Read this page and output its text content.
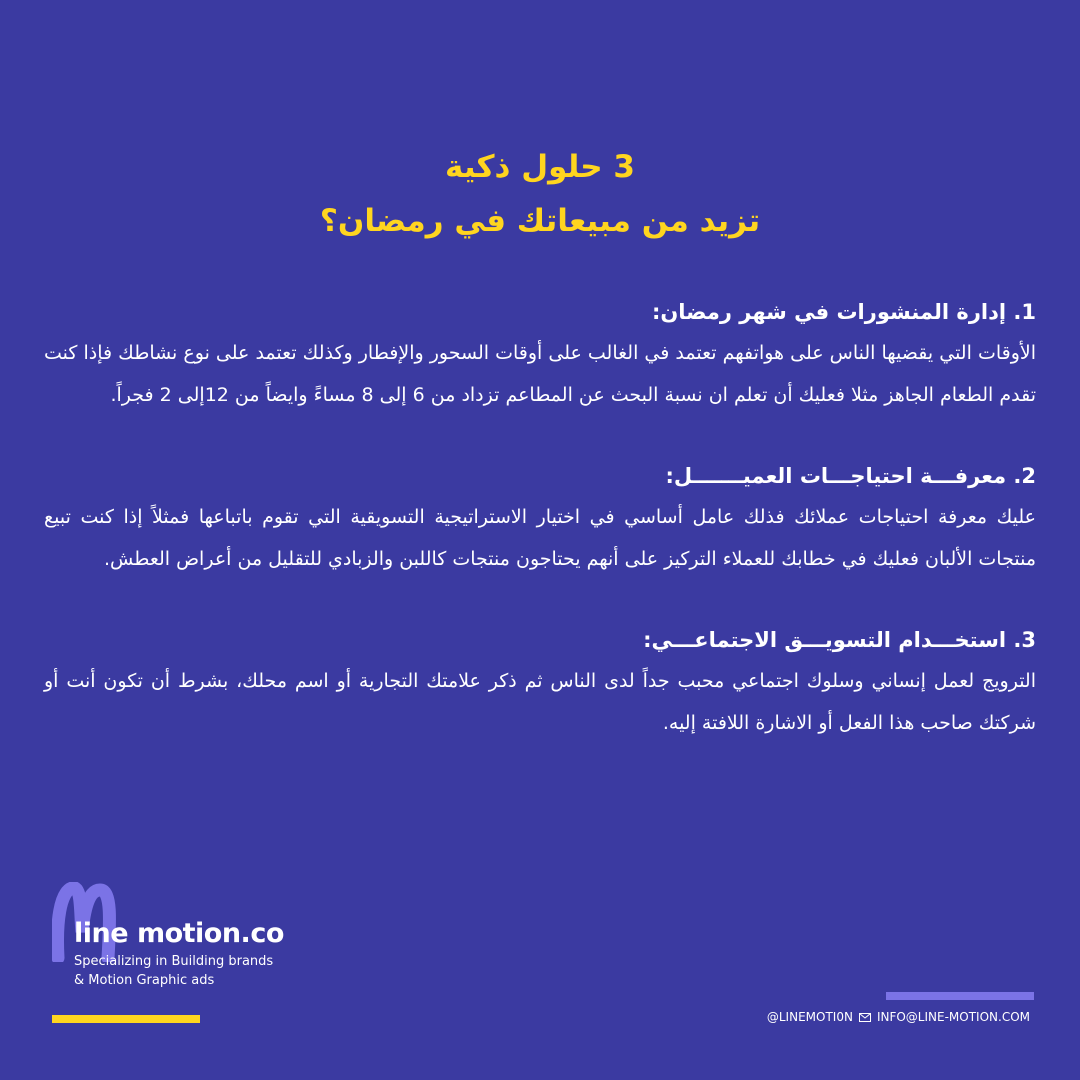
3 حلول ذكية

تزيد من مبيعاتك في رمضان؟

1. إدارة المنشورات في شهر رمضان:

الأوقات التي يقضيها الناس على هواتفهم تعتمد في الغالب على أوقات السحور والإفطار وكذلك تعتمد على نوع نشاطك فإذا كنت تقدم الطعام الجاهز مثلا فعليك أن تعلم ان نسبة البحث عن المطاعم تزداد من 6 إلى 8 مساءً وايضاً من 12إلى 2 فجراً.

2. معرفـــة احتياجـــات العميـــــــل:

عليك معرفة احتياجات عملائك فذلك عامل أساسي في اختيار الاستراتيجية التسويقية التي تقوم باتباعها فمثلاً إذا كنت تبيع منتجات الألبان فعليك في خطابك للعملاء التركيز على أنهم يحتاجون منتجات كاللبن والزبادي للتقليل من أعراض العطش.

3. استخـــدام التسويـــق الاجتماعـــي:

الترويج لعمل إنساني وسلوك اجتماعي محبب جداً لدى الناس ثم ذكر علامتك التجارية أو اسم محلك، بشرط أن تكون أنت أو شركتك صاحب هذا الفعل أو الاشارة اللافتة إليه.

line motion.co
Specializing in Building brands
& Motion Graphic ads
@LINEMOTI0N INFO@LINE-MOTION.COM
